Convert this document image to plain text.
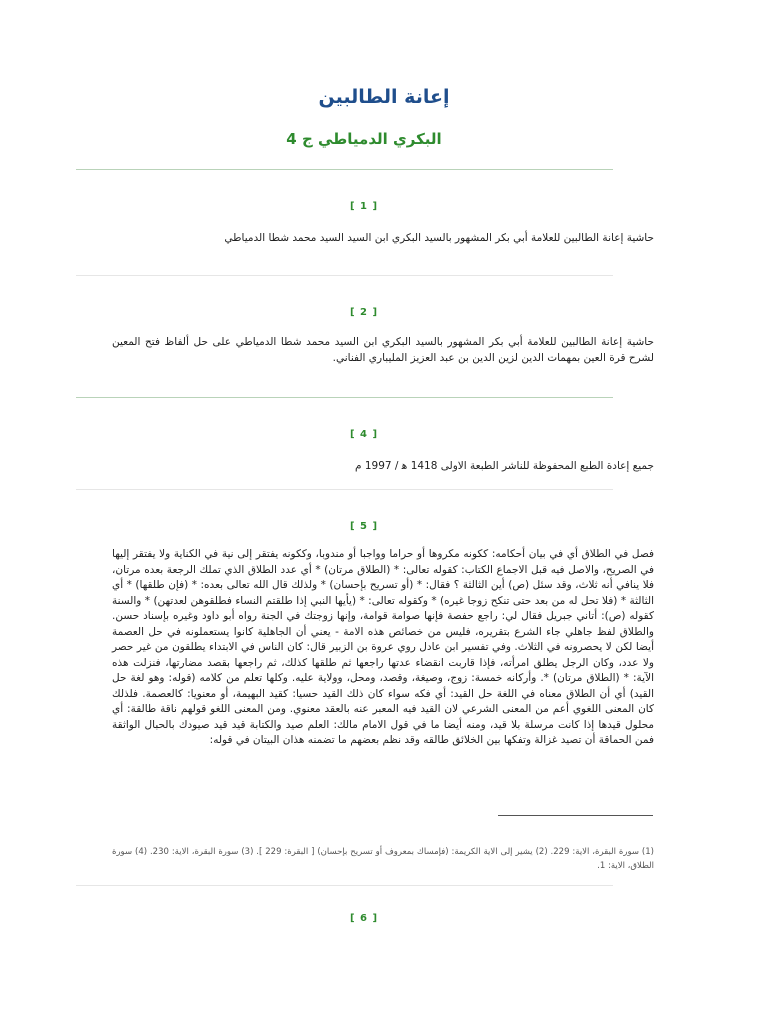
إعانة الطالبين
البكري الدمياطي ج 4
[ 1 ]

حاشية إعانة الطالبين للعلامة أبي بكر المشهور بالسيد البكري ابن السيد السيد محمد شطا الدمياطي

[ 2 ]

حاشية إعانة الطالبين للعلامة أبي بكر المشهور بالسيد البكري ابن السيد محمد شطا الدمياطي على حل ألفاظ فتح المعين لشرح قرة العين بمهمات الدين لزين الدين بن عبد العزيز المليباري الفناني.

[ 4 ]

جميع إعادة الطبع المحفوظة للناشر الطبعة الاولى 1418 ه‍ / 1997 م

[ 5 ]

فصل في الطلاق أي في بيان أحكامه: ككونه مكروها أو حراما وواجبا أو مندوبا، وككونه يفتقر إلى نية في الكناية ولا يفتقر إليها في الصريح، والاصل فيه قبل الاجماع الكتاب: كقوله تعالى: * (الطلاق مرتان) * أي عدد الطلاق الذي تملك الرجعة بعده مرتان، فلا ينافي أنه ثلاث، وقد سئل (ص) أين الثالثة ؟ فقال: * (أو تسريح بإحسان) * ولذلك قال الله تعالى بعده: * (فإن طلقها) * أي الثالثة * (فلا تحل له من بعد حتى تنكح زوجا غيره) * وكقوله تعالى: * (يأيها النبي إذا طلقتم النساء فطلقوهن لعدتهن) * والسنة كقوله (ص): أتاني جبريل فقال لي: راجع حفصة فإنها صوامة قوامة، وإنها زوجتك في الجنة رواه أبو داود وغيره بإسناد حسن. والطلاق لفظ جاهلي جاء الشرع بتقريره، فليس من خصائص هذه الامة - يعني أن الجاهلية كانوا يستعملونه في حل العصمة أيضا لكن لا يحصرونه في الثلاث. وفي تفسير ابن عادل روي عروة بن الزبير قال: كان الناس في الابتداء يطلقون من غير حصر ولا عدد، وكان الرجل يطلق امرأته، فإذا قاربت انقضاء عدتها راجعها ثم طلقها كذلك، ثم راجعها بقصد مضارتها، فنزلت هذه الآية: * (الطلاق مرتان) *. وأركانه خمسة: زوج، وصيغة، وقصد، ومحل، وولاية عليه. وكلها تعلم من كلامه (قوله: وهو لغة حل القيد) أي أن الطلاق معناه في اللغة حل القيد: أي فكه سواء كان ذلك القيد حسيا: كقيد البهيمة، أو معنويا: كالعصمة. فلذلك كان المعنى اللغوي أعم من المعنى الشرعي لان القيد فيه المعبر عنه بالعقد معنوي. ومن المعنى اللغو قولهم ناقة طالقة: أي محلول قيدها إذا كانت مرسلة بلا قيد، ومنه أيضا ما في قول الامام مالك: العلم صيد والكتابة قيد قيد صيودك بالحبال الواثقة فمن الحماقة أن تصيد غزالة وتفكها بين الخلائق طالقه وقد نظم بعضهم ما تضمنه هذان البيتان في قوله:

(1) سورة البقرة، الاية: 229. (2) يشير إلى الاية الكريمة: (فإمساك بمعروف أو تسريح بإحسان) [ البقرة: 229 ]. (3) سورة البقرة، الاية: 230. (4) سورة الطلاق، الاية: 1.

[ 6 ]
